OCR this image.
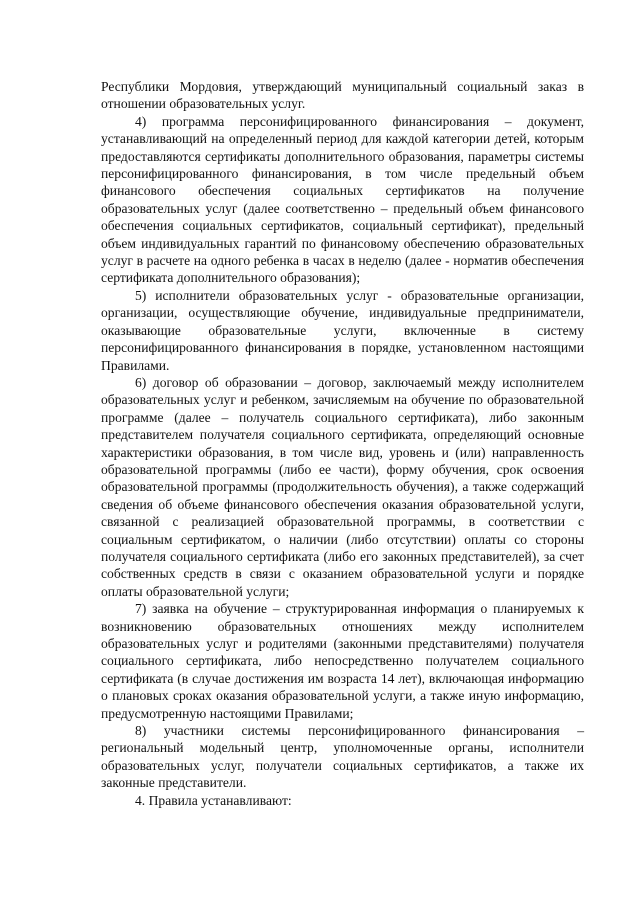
Республики Мордовия, утверждающий муниципальный социальный заказ в отношении образовательных услуг.

4) программа персонифицированного финансирования – документ, устанавливающий на определенный период для каждой категории детей, которым предоставляются сертификаты дополнительного образования, параметры системы персонифицированного финансирования, в том числе предельный объем финансового обеспечения социальных сертификатов на получение образовательных услуг (далее соответственно – предельный объем финансового обеспечения социальных сертификатов, социальный сертификат), предельный объем индивидуальных гарантий по финансовому обеспечению образовательных услуг в расчете на одного ребенка в часах в неделю (далее - норматив обеспечения сертификата дополнительного образования);

5) исполнители образовательных услуг - образовательные организации, организации, осуществляющие обучение, индивидуальные предприниматели, оказывающие образовательные услуги, включенные в систему персонифицированного финансирования в порядке, установленном настоящими Правилами.

6) договор об образовании – договор, заключаемый между исполнителем образовательных услуг и ребенком, зачисляемым на обучение по образовательной программе (далее – получатель социального сертификата), либо законным представителем получателя социального сертификата, определяющий основные характеристики образования, в том числе вид, уровень и (или) направленность образовательной программы (либо ее части), форму обучения, срок освоения образовательной программы (продолжительность обучения), а также содержащий сведения об объеме финансового обеспечения оказания образовательной услуги, связанной с реализацией образовательной программы, в соответствии с социальным сертификатом, о наличии (либо отсутствии) оплаты со стороны получателя социального сертификата (либо его законных представителей), за счет собственных средств в связи с оказанием образовательной услуги и порядке оплаты образовательной услуги;

7) заявка на обучение – структурированная информация о планируемых к возникновению образовательных отношениях между исполнителем образовательных услуг и родителями (законными представителями) получателя социального сертификата, либо непосредственно получателем социального сертификата (в случае достижения им возраста 14 лет), включающая информацию о плановых сроках оказания образовательной услуги, а также иную информацию, предусмотренную настоящими Правилами;

8) участники системы персонифицированного финансирования – региональный модельный центр, уполномоченные органы, исполнители образовательных услуг, получатели социальных сертификатов, а также их законные представители.

4. Правила устанавливают:
